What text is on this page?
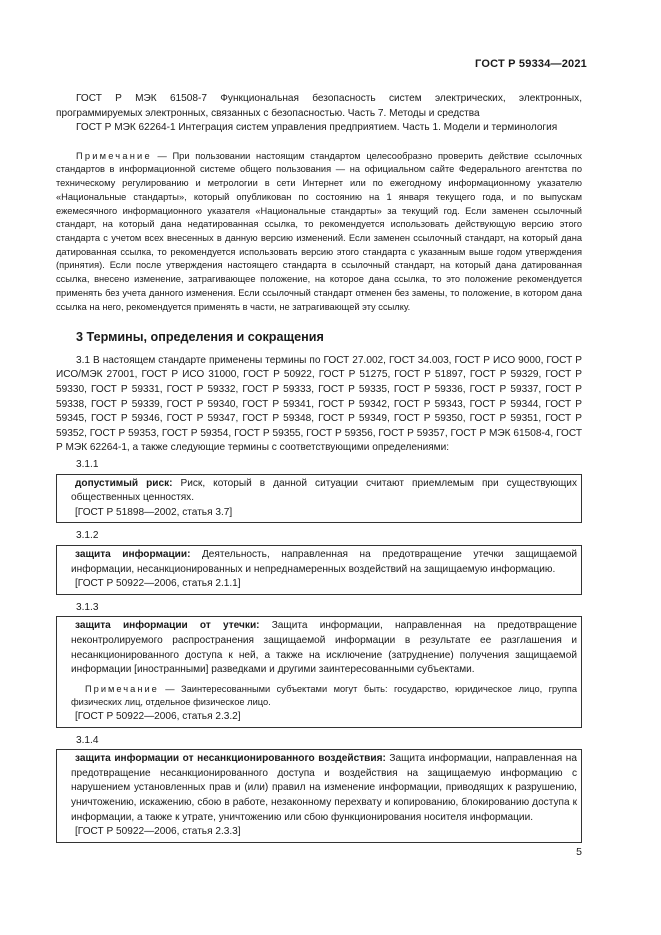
ГОСТ Р 59334—2021

ГОСТ Р МЭК 61508-7 Функциональная безопасность систем электрических, электронных, программируемых электронных, связанных с безопасностью. Часть 7. Методы и средства

ГОСТ Р МЭК 62264-1 Интеграция систем управления предприятием. Часть 1. Модели и терминология

Примечание — При пользовании настоящим стандартом целесообразно проверить действие ссылочных стандартов в информационной системе общего пользования — на официальном сайте Федерального агентства по техническому регулированию и метрологии в сети Интернет или по ежегодному информационному указателю «Национальные стандарты», который опубликован по состоянию на 1 января текущего года, и по выпускам ежемесячного информационного указателя «Национальные стандарты» за текущий год. Если заменен ссылочный стандарт, на который дана недатированная ссылка, то рекомендуется использовать действующую версию этого стандарта с учетом всех внесенных в данную версию изменений. Если заменен ссылочный стандарт, на который дана датированная ссылка, то рекомендуется использовать версию этого стандарта с указанным выше годом утверждения (принятия). Если после утверждения настоящего стандарта в ссылочный стандарт, на который дана датированная ссылка, внесено изменение, затрагивающее положение, на которое дана ссылка, то это положение рекомендуется применять без учета данного изменения. Если ссылочный стандарт отменен без замены, то положение, в котором дана ссылка на него, рекомендуется применять в части, не затрагивающей эту ссылку.

3 Термины, определения и сокращения

3.1 В настоящем стандарте применены термины по ГОСТ 27.002, ГОСТ 34.003, ГОСТ Р ИСО 9000, ГОСТ Р ИСО/МЭК 27001, ГОСТ Р ИСО 31000, ГОСТ Р 50922, ГОСТ Р 51275, ГОСТ Р 51897, ГОСТ Р 59329, ГОСТ Р 59330, ГОСТ Р 59331, ГОСТ Р 59332, ГОСТ Р 59333, ГОСТ Р 59335, ГОСТ Р 59336, ГОСТ Р 59337, ГОСТ Р 59338, ГОСТ Р 59339, ГОСТ Р 59340, ГОСТ Р 59341, ГОСТ Р 59342, ГОСТ Р 59343, ГОСТ Р 59344, ГОСТ Р 59345, ГОСТ Р 59346, ГОСТ Р 59347, ГОСТ Р 59348, ГОСТ Р 59349, ГОСТ Р 59350, ГОСТ Р 59351, ГОСТ Р 59352, ГОСТ Р 59353, ГОСТ Р 59354, ГОСТ Р 59355, ГОСТ Р 59356, ГОСТ Р 59357, ГОСТ Р МЭК 61508-4, ГОСТ Р МЭК 62264-1, а также следующие термины с соответствующими определениями:

3.1.1

допустимый риск: Риск, который в данной ситуации считают приемлемым при существующих общественных ценностях.

[ГОСТ Р 51898—2002, статья 3.7]

3.1.2

защита информации: Деятельность, направленная на предотвращение утечки защищаемой информации, несанкционированных и непреднамеренных воздействий на защищаемую информацию.

[ГОСТ Р 50922—2006, статья 2.1.1]

3.1.3

защита информации от утечки: Защита информации, направленная на предотвращение неконтролируемого распространения защищаемой информации в результате ее разглашения и несанкционированного доступа к ней, а также на исключение (затруднение) получения защищаемой информации [иностранными] разведками и другими заинтересованными субъектами.

Примечание — Заинтересованными субъектами могут быть: государство, юридическое лицо, группа физических лиц, отдельное физическое лицо.

[ГОСТ Р 50922—2006, статья 2.3.2]

3.1.4

защита информации от несанкционированного воздействия: Защита информации, направленная на предотвращение несанкционированного доступа и воздействия на защищаемую информацию с нарушением установленных прав и (или) правил на изменение информации, приводящих к разрушению, уничтожению, искажению, сбою в работе, незаконному перехвату и копированию, блокированию доступа к информации, а также к утрате, уничтожению или сбою функционирования носителя информации.

[ГОСТ Р 50922—2006, статья 2.3.3]

5
